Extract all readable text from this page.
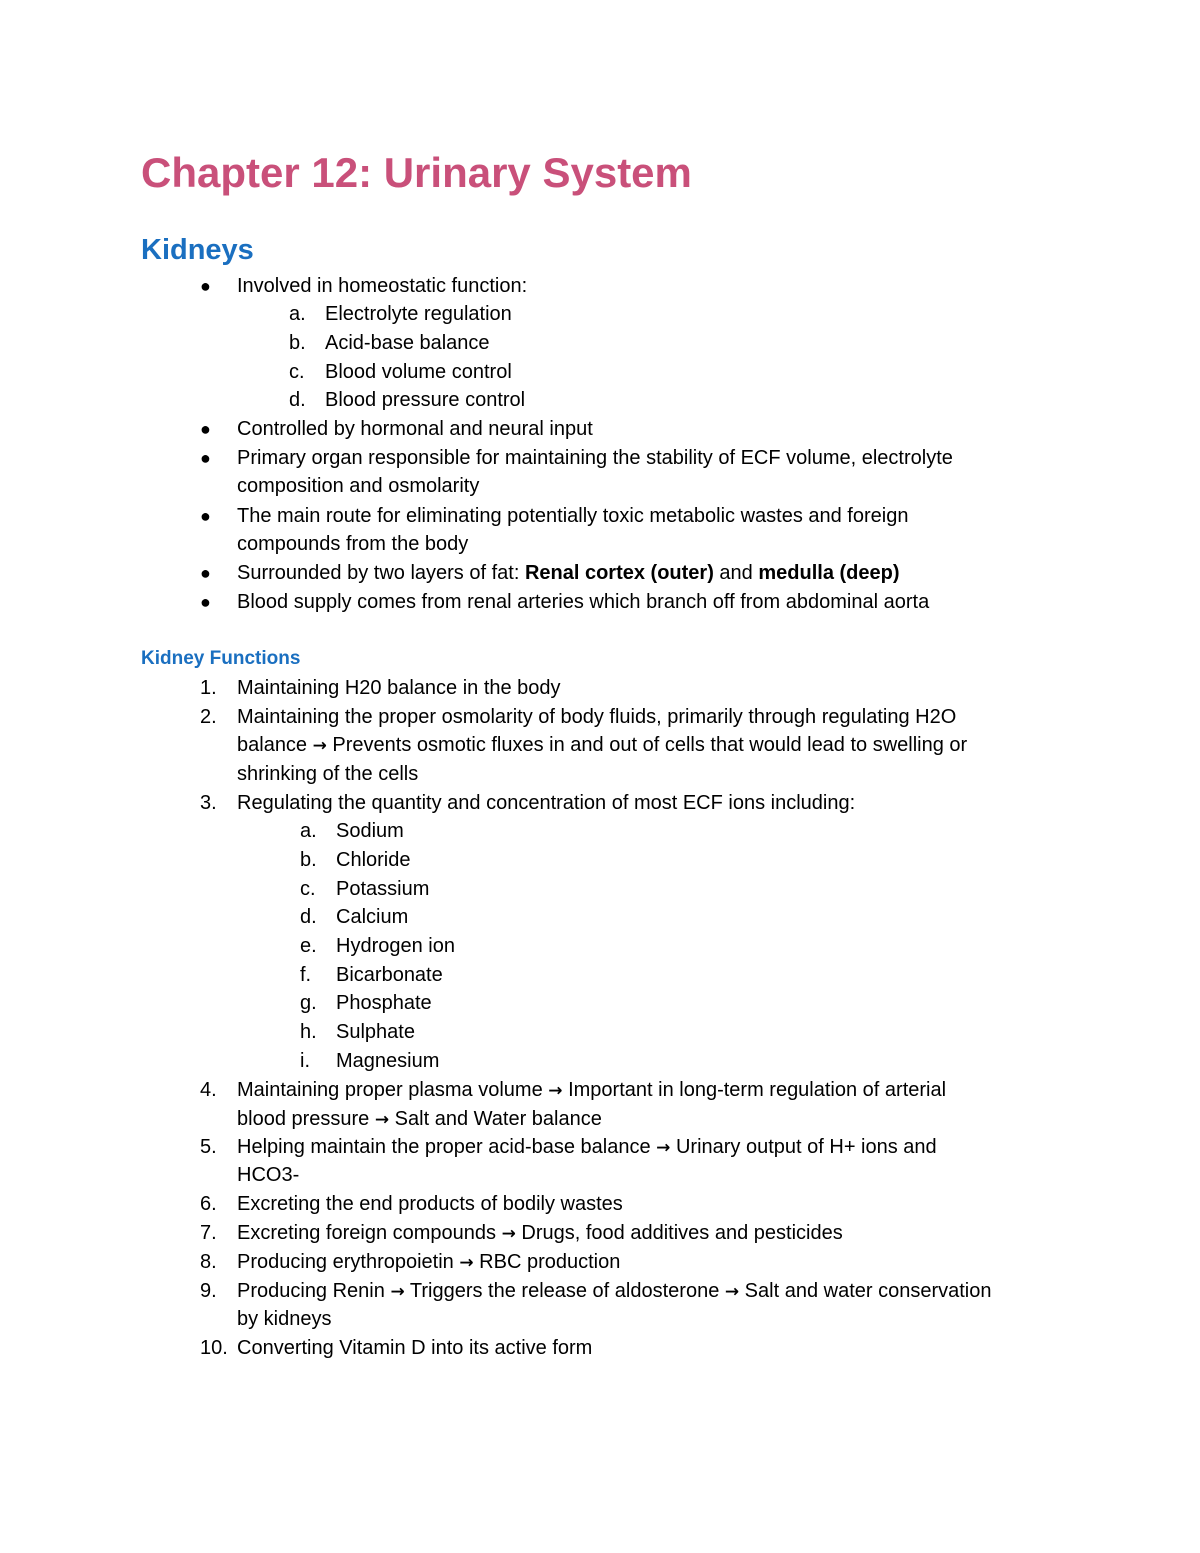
Chapter 12: Urinary System
Kidneys
● Involved in homeostatic function:
a. Electrolyte regulation
b. Acid-base balance
c. Blood volume control
d. Blood pressure control
● Controlled by hormonal and neural input
● Primary organ responsible for maintaining the stability of ECF volume, electrolyte
composition and osmolarity
● The main route for eliminating potentially toxic metabolic wastes and foreign
compounds from the body
● Surrounded by two layers of fat: Renal cortex (outer) and medulla (deep)
● Blood supply comes from renal arteries which branch off from abdominal aorta
Kidney Functions
1. Maintaining H20 balance in the body
2. Maintaining the proper osmolarity of body fluids, primarily through regulating H2O
balance → Prevents osmotic fluxes in and out of cells that would lead to swelling or
shrinking of the cells
3. Regulating the quantity and concentration of most ECF ions including:
a. Sodium
b. Chloride
c. Potassium
d. Calcium
e. Hydrogen ion
f. Bicarbonate
g. Phosphate
h. Sulphate
i. Magnesium
4. Maintaining proper plasma volume → Important in long-term regulation of arterial
blood pressure → Salt and Water balance
5. Helping maintain the proper acid-base balance → Urinary output of H+ ions and
HCO3-
6. Excreting the end products of bodily wastes
7. Excreting foreign compounds → Drugs, food additives and pesticides
8. Producing erythropoietin → RBC production
9. Producing Renin → Triggers the release of aldosterone → Salt and water conservation
by kidneys
10. Converting Vitamin D into its active form
